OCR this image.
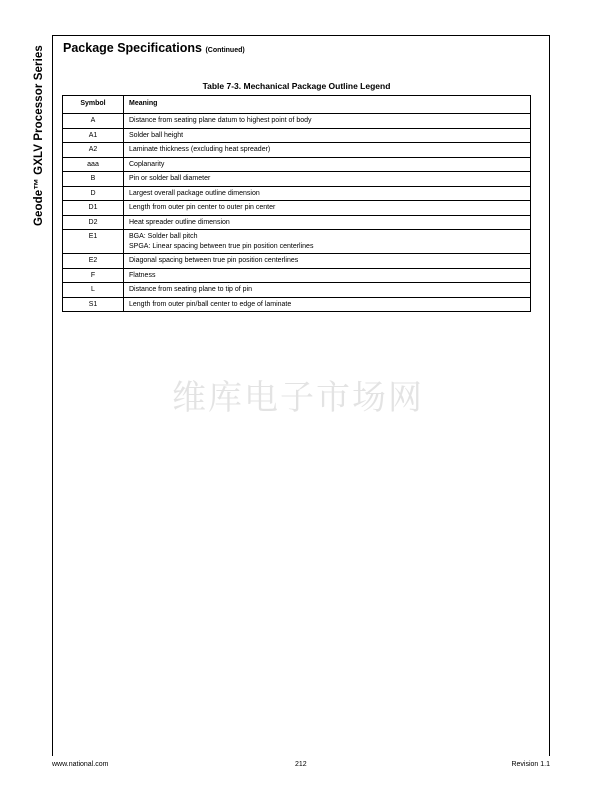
Geode™ GXLV Processor Series Package Specifications (Continued)
Table 7-3. Mechanical Package Outline Legend
Symbol	Meaning
A	Distance from seating plane datum to highest point of body

A1	Solder ball height

A2	Laminate thickness (excluding heat spreader)

aaa	Coplanarity

B	Pin or solder ball diameter

D	Largest overall package outline dimension

D1	Length from outer pin center to outer pin center

D2	Heat spreader outline dimension

E1	BGA: Solder ball pitch
SPGA: Linear spacing between true pin position centerlines

E2	Diagonal spacing between true pin position centerlines

F	Flatness

L	Distance from seating plane to tip of pin

S1	Length from outer pin/ball center to edge of laminate
维库电子市场网
www.national.com	212	Revision 1.1
